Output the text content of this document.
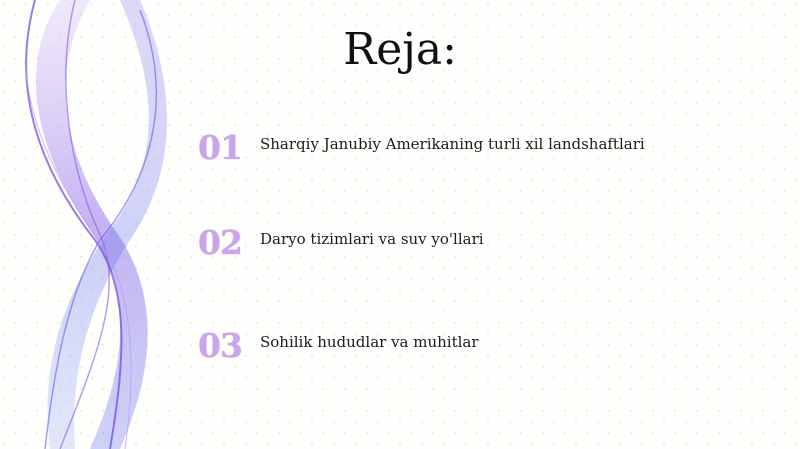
Reja:
01	Sharqiy Janubiy Amerikaning turli xil landshaftlari
02	Daryo tizimlari va suv yo'llari
03	Sohilik hududlar va muhitlar
